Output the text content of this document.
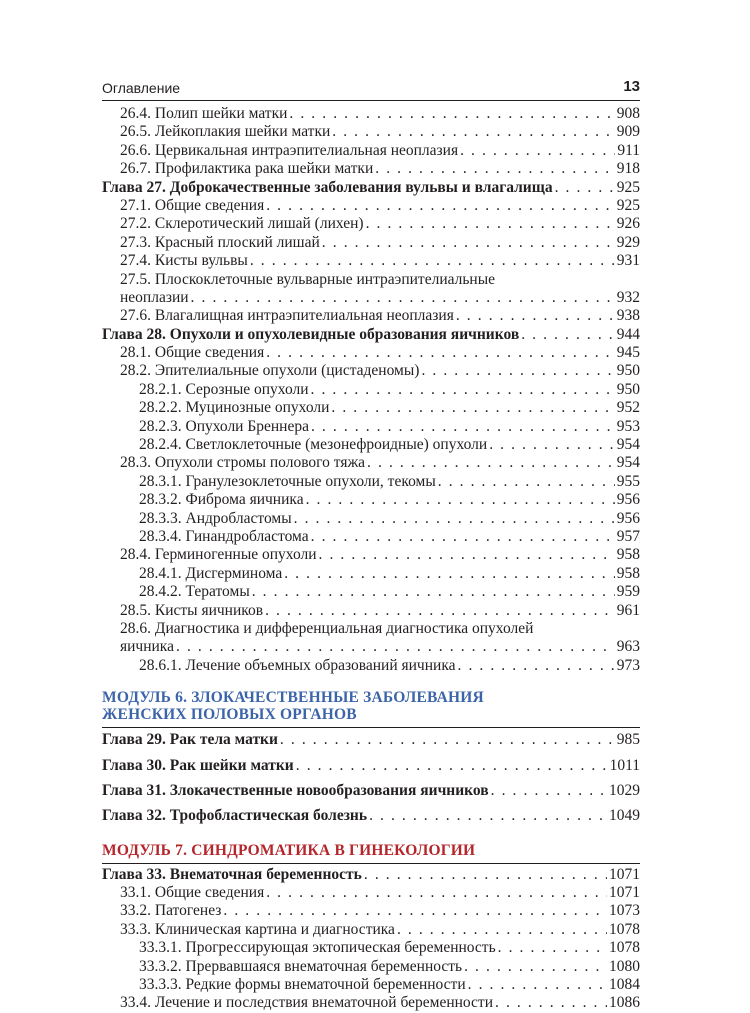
Оглавление	13
26.4. Полип шейки матки . . .	908
26.5. Лейкоплакия шейки матки . . .	909
26.6. Цервикальная интраэпителиальная неоплазия . . .	911
26.7. Профилактика рака шейки матки . . .	918
Глава 27. Доброкачественные заболевания вульвы и влагалища . . .	925
27.1. Общие сведения . . .	925
27.2. Склеротический лишай (лихен) . . .	926
27.3. Красный плоский лишай . . .	929
27.4. Кисты вульвы . . .	931
27.5. Плоскоклеточные вульварные интраэпителиальные
неоплазии . . .	932
27.6. Влагалищная интраэпителиальная неоплазия . . .	938
Глава 28. Опухоли и опухолевидные образования яичников . . .	944
28.1. Общие сведения . . .	945
28.2. Эпителиальные опухоли (цистаденомы) . . .	950
28.2.1. Серозные опухоли . . .	950
28.2.2. Муцинозные опухоли . . .	952
28.2.3. Опухоли Бреннера . . .	953
28.2.4. Светлоклеточные (мезонефроидные) опухоли . . .	954
28.3. Опухоли стромы полового тяжа . . .	954
28.3.1. Гранулезоклеточные опухоли, текомы . . .	955
28.3.2. Фиброма яичника . . .	956
28.3.3. Андробластомы . . .	956
28.3.4. Гинандробластома . . .	957
28.4. Герминогенные опухоли . . .	958
28.4.1. Дисгерминома . . .	958
28.4.2. Тератомы . . .	959
28.5. Кисты яичников . . .	961
28.6. Диагностика и дифференциальная диагностика опухолей
яичника . . .	963
28.6.1. Лечение объемных образований яичника . . .	973
МОДУЛЬ 6. ЗЛОКАЧЕСТВЕННЫЕ ЗАБОЛЕВАНИЯ
ЖЕНСКИХ ПОЛОВЫХ ОРГАНОВ
Глава 29. Рак тела матки . . .	985
Глава 30. Рак шейки матки . . .	1011
Глава 31. Злокачественные новообразования яичников . . .	1029
Глава 32. Трофобластическая болезнь . . .	1049
МОДУЛЬ 7. СИНДРОМАТИКА В ГИНЕКОЛОГИИ
Глава 33. Внематочная беременность . . .	1071
33.1. Общие сведения . . .	1071
33.2. Патогенез . . .	1073
33.3. Клиническая картина и диагностика . . .	1078
33.3.1. Прогрессирующая эктопическая беременность . . .	1078
33.3.2. Прервавшаяся внематочная беременность . . .	1080
33.3.3. Редкие формы внематочной беременности . . .	1084
33.4. Лечение и последствия внематочной беременности . . .	1086
